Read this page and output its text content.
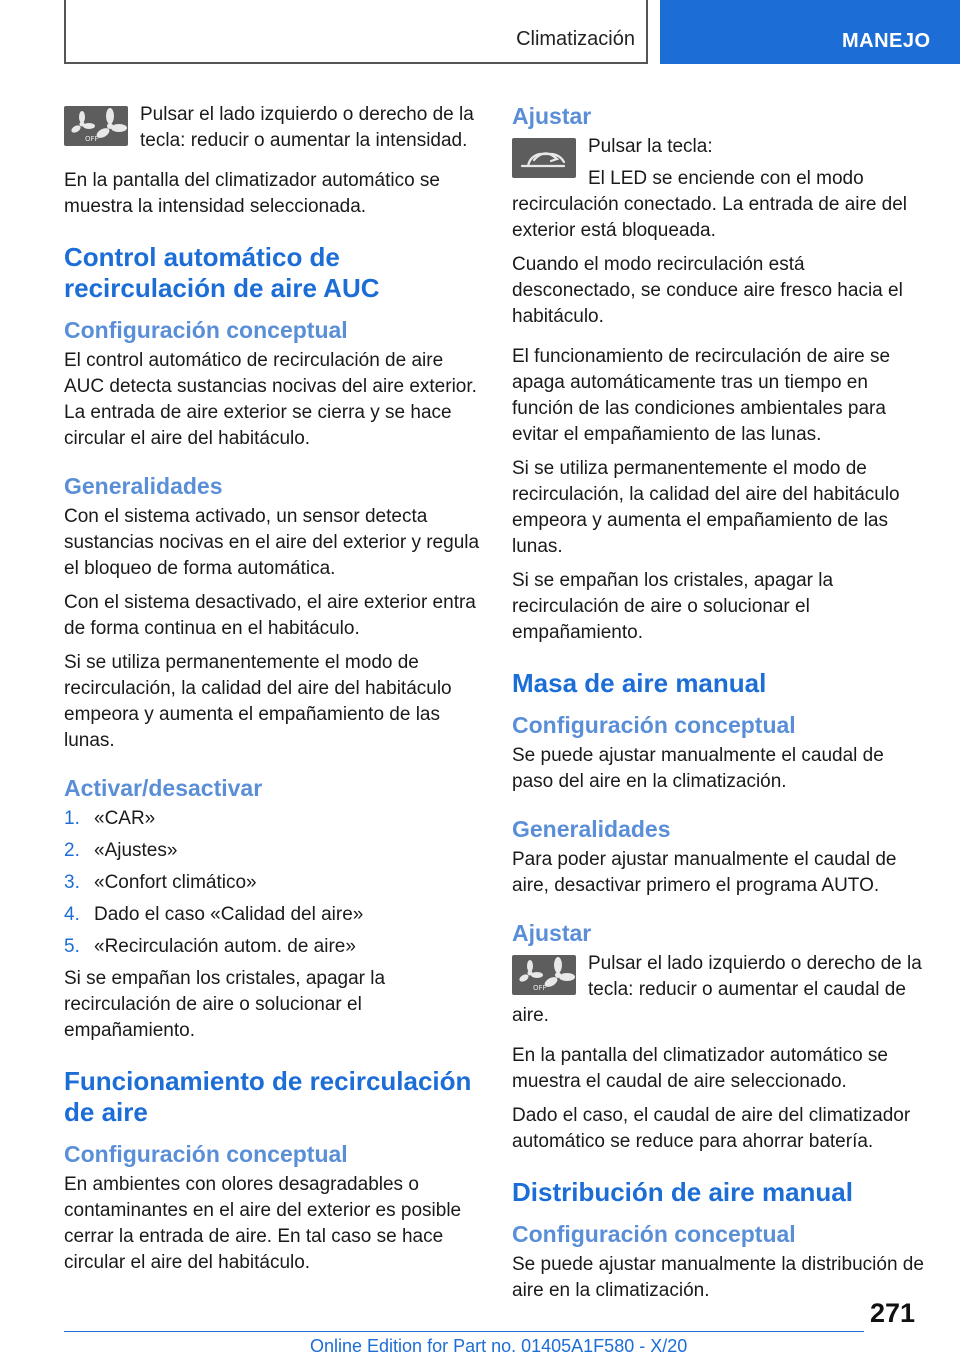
Climatización	MANEJO
OFF

Pulsar el lado izquierdo o derecho de la tecla: reducir o aumentar la intensidad.

En la pantalla del climatizador automático se muestra la intensidad seleccionada.

Control automático de recirculación de aire AUC
Configuración conceptual

El control automático de recirculación de aire AUC detecta sustancias nocivas del aire exterior. La entrada de aire exterior se cierra y se hace circular el aire del habitáculo.

Generalidades

Con el sistema activado, un sensor detecta sustancias nocivas en el aire del exterior y regula el bloqueo de forma automática.

Con el sistema desactivado, el aire exterior entra de forma continua en el habitáculo.

Si se utiliza permanentemente el modo de recirculación, la calidad del aire del habitáculo empeora y aumenta el empañamiento de las lunas.

Activar/desactivar
1. «CAR»
2. «Ajustes»
3. «Confort climático»
4. Dado el caso «Calidad del aire»
5. «Recirculación autom. de aire»

Si se empañan los cristales, apagar la recirculación de aire o solucionar el empañamiento.

Funcionamiento de recirculación de aire
Configuración conceptual

En ambientes con olores desagradables o contaminantes en el aire del exterior es posible cerrar la entrada de aire. En tal caso se hace circular el aire del habitáculo.

Ajustar

Pulsar la tecla:

El LED se enciende con el modo recirculación conectado. La entrada de aire del exterior está bloqueada.

Cuando el modo recirculación está desconectado, se conduce aire fresco hacia el habitáculo.

El funcionamiento de recirculación de aire se apaga automáticamente tras un tiempo en función de las condiciones ambientales para evitar el empañamiento de las lunas.

Si se utiliza permanentemente el modo de recirculación, la calidad del aire del habitáculo empeora y aumenta el empañamiento de las lunas.

Si se empañan los cristales, apagar la recirculación de aire o solucionar el empañamiento.

Masa de aire manual
Configuración conceptual

Se puede ajustar manualmente el caudal de paso del aire en la climatización.

Generalidades

Para poder ajustar manualmente el caudal de aire, desactivar primero el programa AUTO.

Ajustar
OFF

Pulsar el lado izquierdo o derecho de la tecla: reducir o aumentar el caudal de aire.

En la pantalla del climatizador automático se muestra el caudal de aire seleccionado.

Dado el caso, el caudal de aire del climatizador automático se reduce para ahorrar batería.

Distribución de aire manual
Configuración conceptual

Se puede ajustar manualmente la distribución de aire en la climatización.

271
Online Edition for Part no. 01405A1F580 - X/20
